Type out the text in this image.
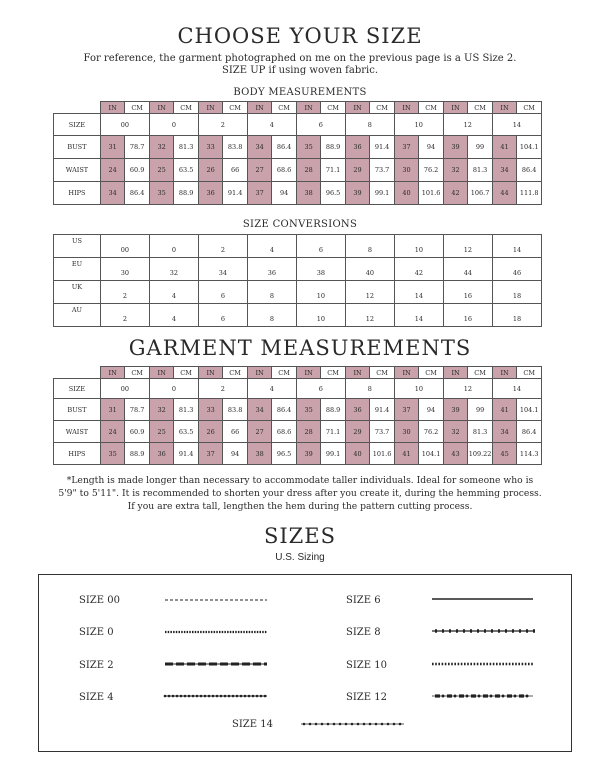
CHOOSE YOUR SIZE
For reference, the garment photographed on me on the previous page is a US Size 2.
SIZE UP if using woven fabric.
BODY MEASUREMENTS
	IN	CM	IN	CM	IN	CM	IN	CM	IN	CM	IN	CM	IN	CM	IN	CM	IN	CM
SIZE	00		0		2		4		6		8		10		12		14	
BUST	31	78.7	32	81.3	33	83.8	34	86.4	35	88.9	36	91.4	37	94	39	99	41	104.1
WAIST	24	60.9	25	63.5	26	66	27	68.6	28	71.1	29	73.7	30	76.2	32	81.3	34	86.4
HIPS	34	86.4	35	88.9	36	91.4	37	94	38	96.5	39	99.1	40	101.6	42	106.7	44	111.8
SIZE CONVERSIONS
US	00	0	2	4	6	8	10	12	14
EU	30	32	34	36	38	40	42	44	46
UK	2	4	6	8	10	12	14	16	18
AU	2	4	6	8	10	12	14	16	18
GARMENT MEASUREMENTS
	IN	CM	IN	CM	IN	CM	IN	CM	IN	CM	IN	CM	IN	CM	IN	CM	IN	CM
SIZE	00		0		2		4		6		8		10		12		14	
BUST	31	78.7	32	81.3	33	83.8	34	86.4	35	88.9	36	91.4	37	94	39	99	41	104.1
WAIST	24	60.9	25	63.5	26	66	27	68.6	28	71.1	29	73.7	30	76.2	32	81.3	34	86.4
HIPS	35	88.9	36	91.4	37	94	38	96.5	39	99.1	40	101.6	41	104.1	43	109.22	45	114.3
*Length is made longer than necessary to accommodate taller individuals. Ideal for someone who is
5'9" to 5'11". It is recommended to shorten your dress after you create it, during the hemming process.
If you are extra tall, lengthen the hem during the pattern cutting process.
SIZES
U.S. Sizing
SIZE 00
SIZE 0
SIZE 2
SIZE 4
SIZE 6
SIZE 8
SIZE 10
SIZE 12
SIZE 14
